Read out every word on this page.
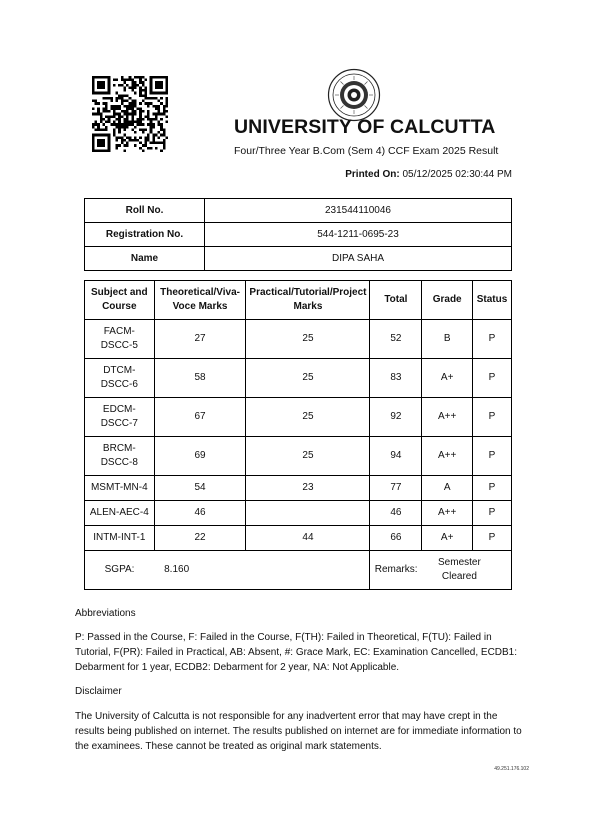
UNIVERSITY OF CALCUTTA
Four/Three Year B.Com (Sem 4) CCF Exam 2025 Result
Printed On: 05/12/2025 02:30:44 PM
Roll No.	231544110046
Registration No.	544-1211-0695-23
Name	DIPA SAHA
Subject and Course	Theoretical/Viva-Voce Marks	Practical/Tutorial/Project Marks	Total	Grade	Status
FACM-DSCC-5	27	25	52	B	P
DTCM-DSCC-6	58	25	83	A+	P
EDCM-DSCC-7	67	25	92	A++	P
BRCM-DSCC-8	69	25	94	A++	P
MSMT-MN-4	54	23	77	A	P
ALEN-AEC-4	46		46	A++	P
INTM-INT-1	22	44	66	A+	P
SGPA:	8.160		Remarks:	Semester Cleared	
Abbreviations
P: Passed in the Course, F: Failed in the Course, F(TH): Failed in Theoretical, F(TU): Failed in Tutorial, F(PR): Failed in Practical, AB: Absent, #: Grace Mark, EC: Examination Cancelled, ECDB1: Debarment for 1 year, ECDB2: Debarment for 2 year, NA: Not Applicable.
Disclaimer
The University of Calcutta is not responsible for any inadvertent error that may have crept in the results being published on internet. The results published on internet are for immediate information to the examinees. These cannot be treated as original mark statements.
49.251.176.102
